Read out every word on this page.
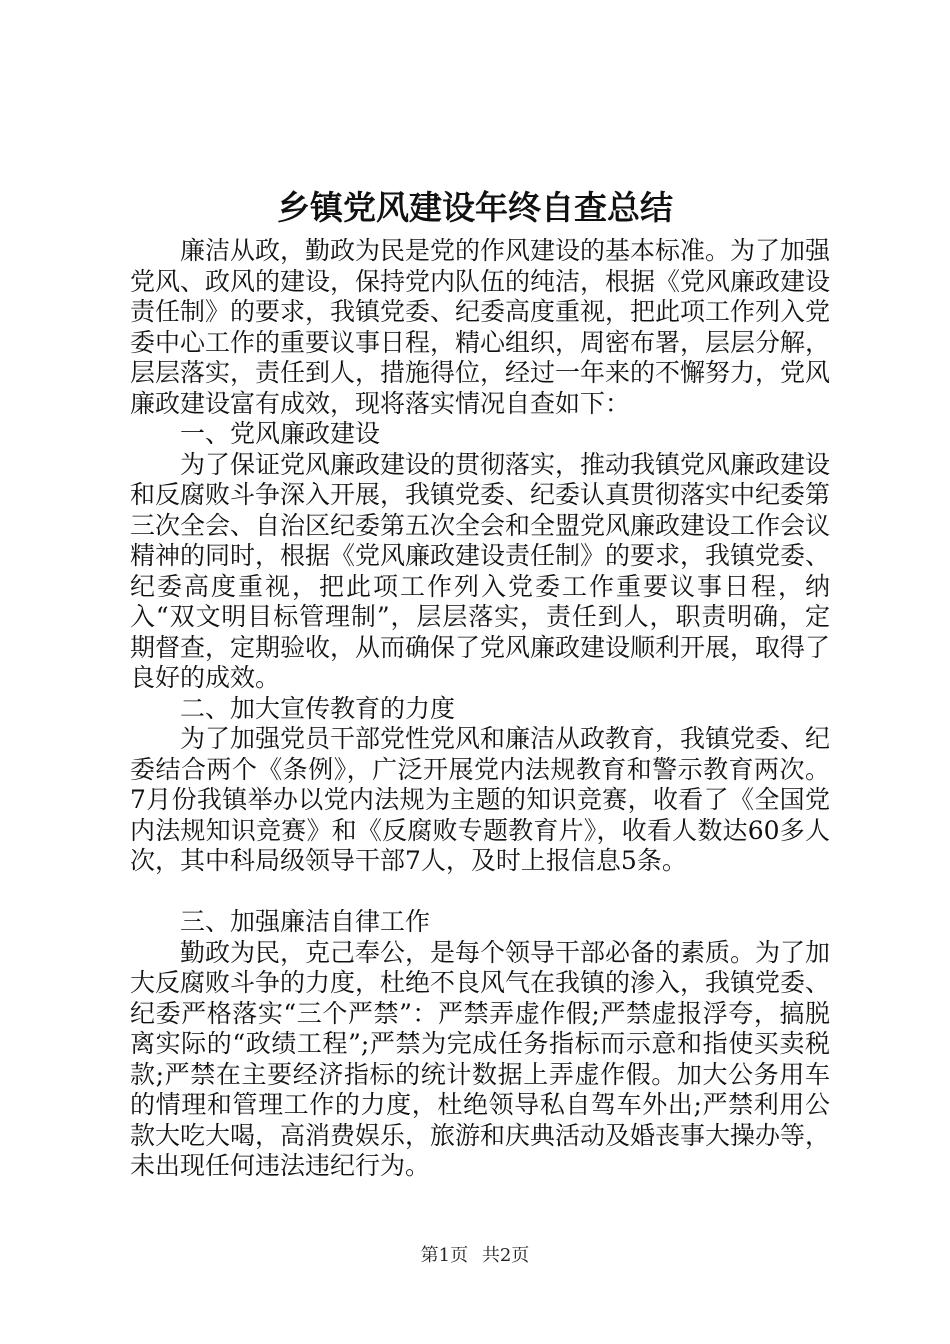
乡镇党风建设年终自查总结

廉洁从政，勤政为民是党的作风建设的基本标准。为了加强党风、政风的建设，保持党内队伍的纯洁，根据《党风廉政建设责任制》的要求，我镇党委、纪委高度重视，把此项工作列入党委中心工作的重要议事日程，精心组织，周密布署，层层分解，层层落实，责任到人，措施得位，经过一年来的不懈努力，党风廉政建设富有成效，现将落实情况自查如下：

一、党风廉政建设

为了保证党风廉政建设的贯彻落实，推动我镇党风廉政建设和反腐败斗争深入开展，我镇党委、纪委认真贯彻落实中纪委第三次全会、自治区纪委第五次全会和全盟党风廉政建设工作会议精神的同时，根据《党风廉政建设责任制》的要求，我镇党委、纪委高度重视，把此项工作列入党委工作重要议事日程，纳入“双文明目标管理制”，层层落实，责任到人，职责明确，定期督查，定期验收，从而确保了党风廉政建设顺利开展，取得了良好的成效。

二、加大宣传教育的力度

为了加强党员干部党性党风和廉洁从政教育，我镇党委、纪委结合两个《条例》，广泛开展党内法规教育和警示教育两次。7月份我镇举办以党内法规为主题的知识竞赛，收看了《全国党内法规知识竞赛》和《反腐败专题教育片》，收看人数达60多人次，其中科局级领导干部7人，及时上报信息5条。

三、加强廉洁自律工作

勤政为民，克己奉公，是每个领导干部必备的素质。为了加大反腐败斗争的力度，杜绝不良风气在我镇的渗入，我镇党委、纪委严格落实“三个严禁”：严禁弄虚作假;严禁虚报浮夸，搞脱离实际的“政绩工程”;严禁为完成任务指标而示意和指使买卖税款;严禁在主要经济指标的统计数据上弄虚作假。加大公务用车的情理和管理工作的力度，杜绝领导私自驾车外出;严禁利用公款大吃大喝，高消费娱乐，旅游和庆典活动及婚丧事大操办等，未出现任何违法违纪行为。

第1页 共2页
